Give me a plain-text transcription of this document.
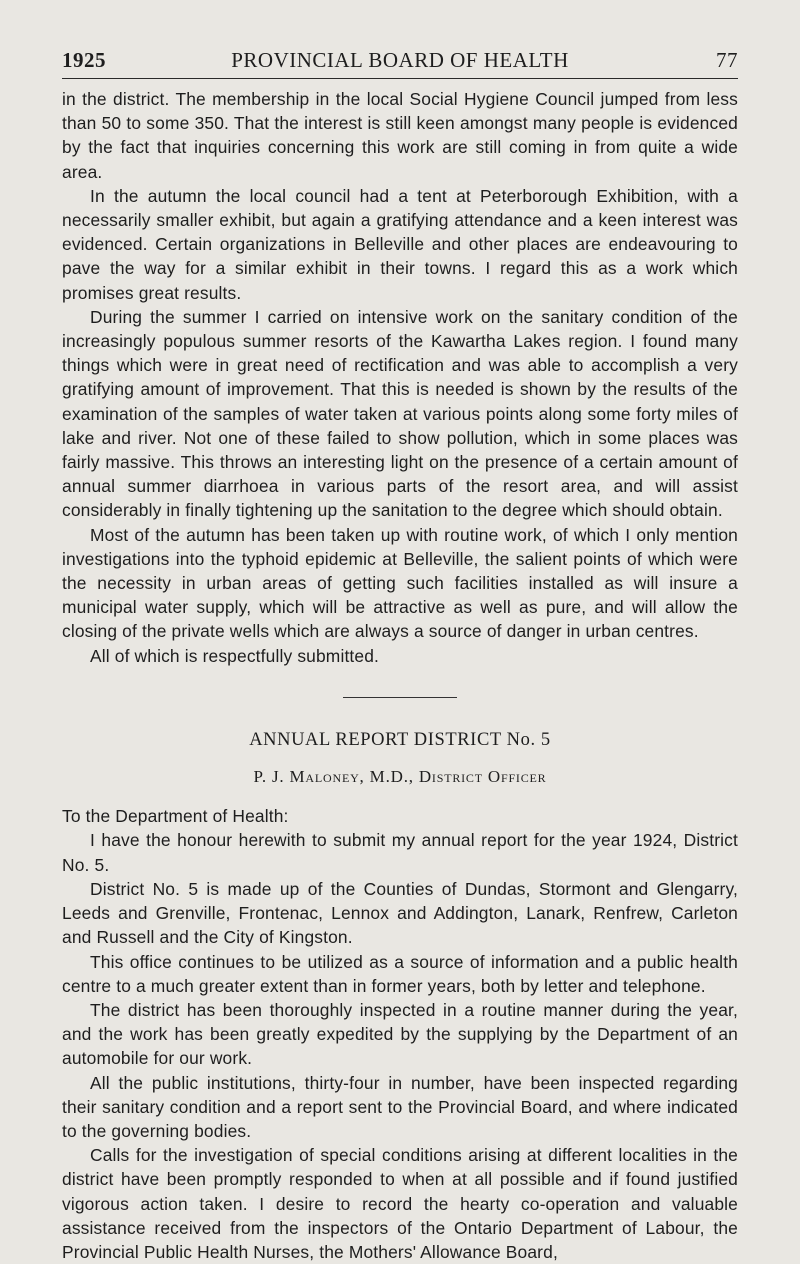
1925	PROVINCIAL BOARD OF HEALTH	77

in the district. The membership in the local Social Hygiene Council jumped from less than 50 to some 350. That the interest is still keen amongst many people is evidenced by the fact that inquiries concerning this work are still coming in from quite a wide area.

In the autumn the local council had a tent at Peterborough Exhibition, with a necessarily smaller exhibit, but again a gratifying attendance and a keen interest was evidenced. Certain organizations in Belleville and other places are endeavouring to pave the way for a similar exhibit in their towns. I regard this as a work which promises great results.

During the summer I carried on intensive work on the sanitary condition of the increasingly populous summer resorts of the Kawartha Lakes region. I found many things which were in great need of rectification and was able to accomplish a very gratifying amount of improvement. That this is needed is shown by the results of the examination of the samples of water taken at various points along some forty miles of lake and river. Not one of these failed to show pollution, which in some places was fairly massive. This throws an interesting light on the presence of a certain amount of annual summer diarrhoea in various parts of the resort area, and will assist considerably in finally tightening up the sanitation to the degree which should obtain.

Most of the autumn has been taken up with routine work, of which I only mention investigations into the typhoid epidemic at Belleville, the salient points of which were the necessity in urban areas of getting such facilities installed as will insure a municipal water supply, which will be attractive as well as pure, and will allow the closing of the private wells which are always a source of danger in urban centres.

All of which is respectfully submitted.

ANNUAL REPORT DISTRICT No. 5
P. J. Maloney, M.D., District Officer

To the Department of Health:

I have the honour herewith to submit my annual report for the year 1924, District No. 5.

District No. 5 is made up of the Counties of Dundas, Stormont and Glengarry, Leeds and Grenville, Frontenac, Lennox and Addington, Lanark, Renfrew, Carleton and Russell and the City of Kingston.

This office continues to be utilized as a source of information and a public health centre to a much greater extent than in former years, both by letter and telephone.

The district has been thoroughly inspected in a routine manner during the year, and the work has been greatly expedited by the supplying by the Department of an automobile for our work.

All the public institutions, thirty-four in number, have been inspected regarding their sanitary condition and a report sent to the Provincial Board, and where indicated to the governing bodies.

Calls for the investigation of special conditions arising at different localities in the district have been promptly responded to when at all possible and if found justified vigorous action taken. I desire to record the hearty co-operation and valuable assistance received from the inspectors of the Ontario Department of Labour, the Provincial Public Health Nurses, the Mothers' Allowance Board,
